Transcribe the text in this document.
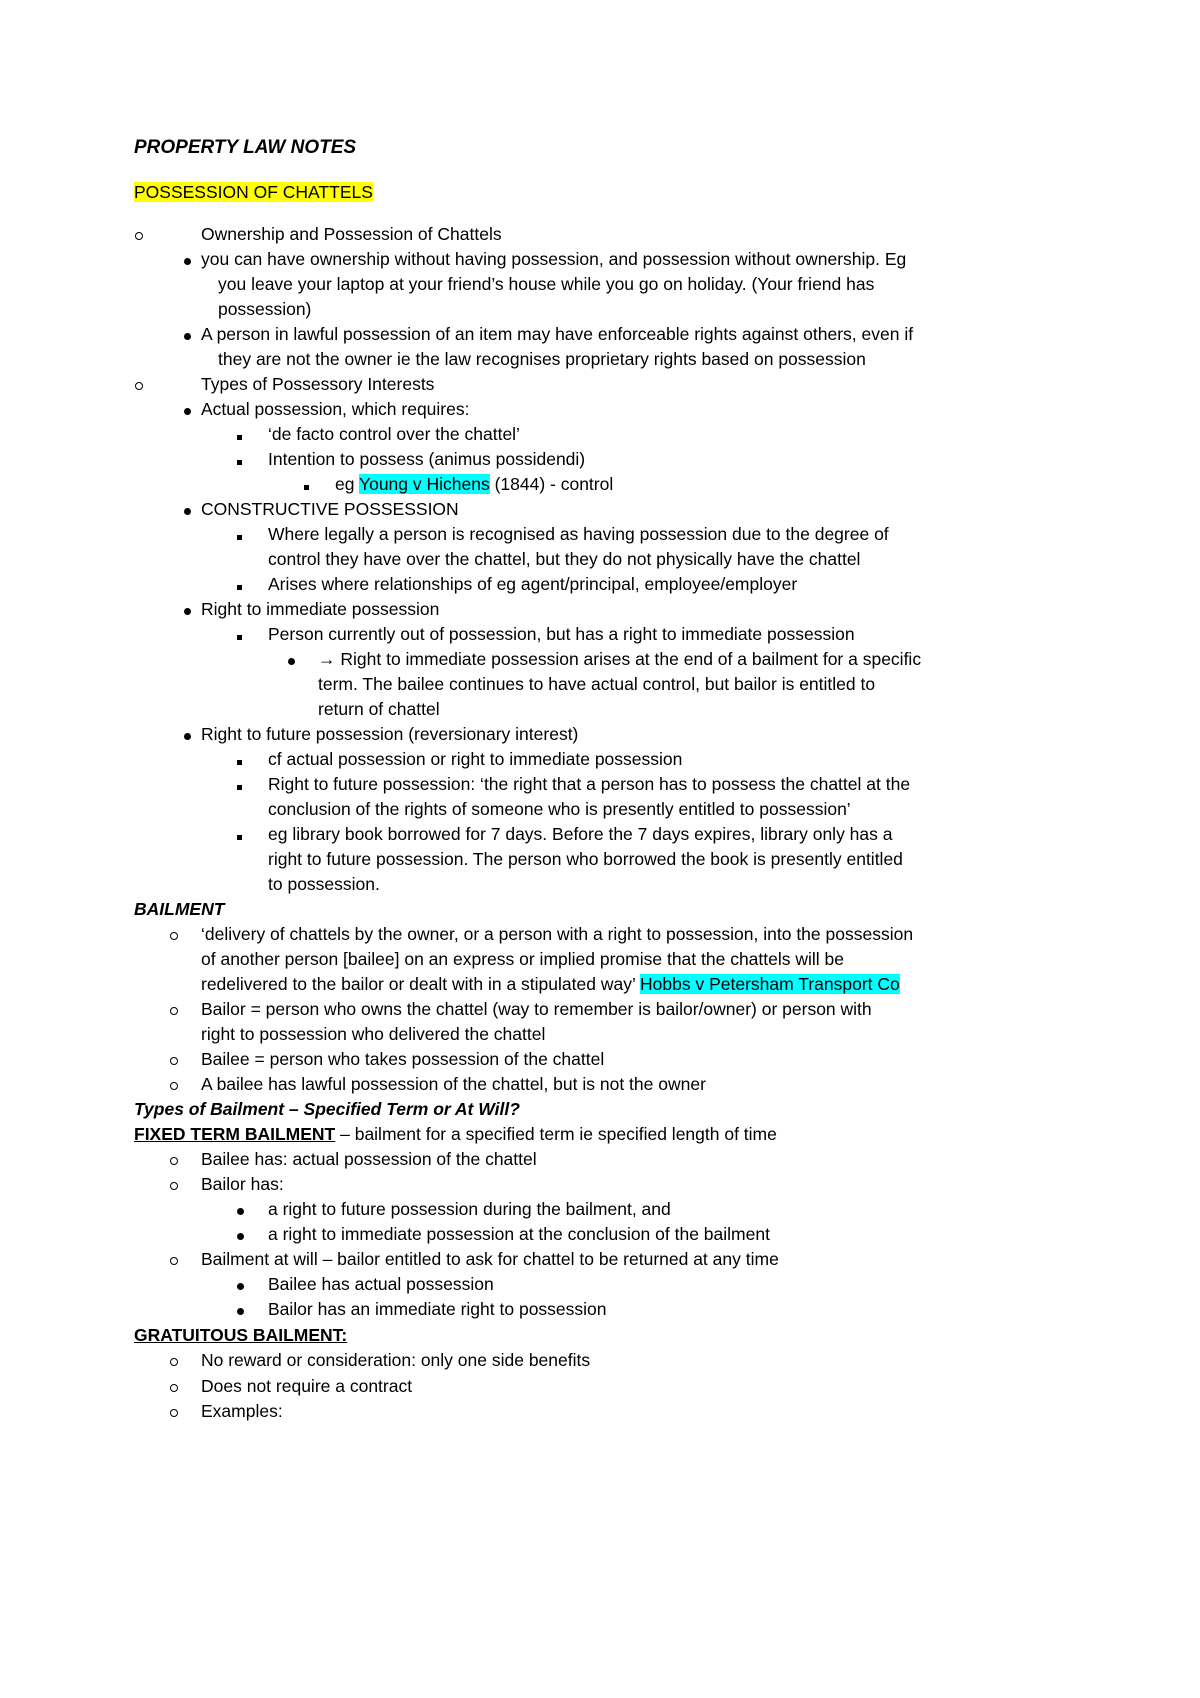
PROPERTY LAW NOTES
POSSESSION OF CHATTELS
Ownership and Possession of Chattels
you can have ownership without having possession, and possession without ownership. Eg
you leave your laptop at your friend’s house while you go on holiday. (Your friend has
possession)
A person in lawful possession of an item may have enforceable rights against others, even if
they are not the owner ie the law recognises proprietary rights based on possession
Types of Possessory Interests
Actual possession, which requires:
‘de facto control over the chattel’
Intention to possess (animus possidendi)
eg Young v Hichens (1844) - control
CONSTRUCTIVE POSSESSION
Where legally a person is recognised as having possession due to the degree of
control they have over the chattel, but they do not physically have the chattel
Arises where relationships of eg agent/principal, employee/employer
Right to immediate possession
Person currently out of possession, but has a right to immediate possession
→ Right to immediate possession arises at the end of a bailment for a specific
term. The bailee continues to have actual control, but bailor is entitled to
return of chattel
Right to future possession (reversionary interest)
cf actual possession or right to immediate possession
Right to future possession: ‘the right that a person has to possess the chattel at the
conclusion of the rights of someone who is presently entitled to possession’
eg library book borrowed for 7 days. Before the 7 days expires, library only has a
right to future possession. The person who borrowed the book is presently entitled
to possession.
BAILMENT
‘delivery of chattels by the owner, or a person with a right to possession, into the possession
of another person [bailee] on an express or implied promise that the chattels will be
redelivered to the bailor or dealt with in a stipulated way’ Hobbs v Petersham Transport Co
Bailor = person who owns the chattel (way to remember is bailor/owner) or person with
right to possession who delivered the chattel
Bailee = person who takes possession of the chattel
A bailee has lawful possession of the chattel, but is not the owner
Types of Bailment – Specified Term or At Will?
FIXED TERM BAILMENT – bailment for a specified term ie specified length of time
Bailee has: actual possession of the chattel
Bailor has:
a right to future possession during the bailment, and
a right to immediate possession at the conclusion of the bailment
Bailment at will – bailor entitled to ask for chattel to be returned at any time
Bailee has actual possession
Bailor has an immediate right to possession
GRATUITOUS BAILMENT:
No reward or consideration: only one side benefits
Does not require a contract
Examples:
